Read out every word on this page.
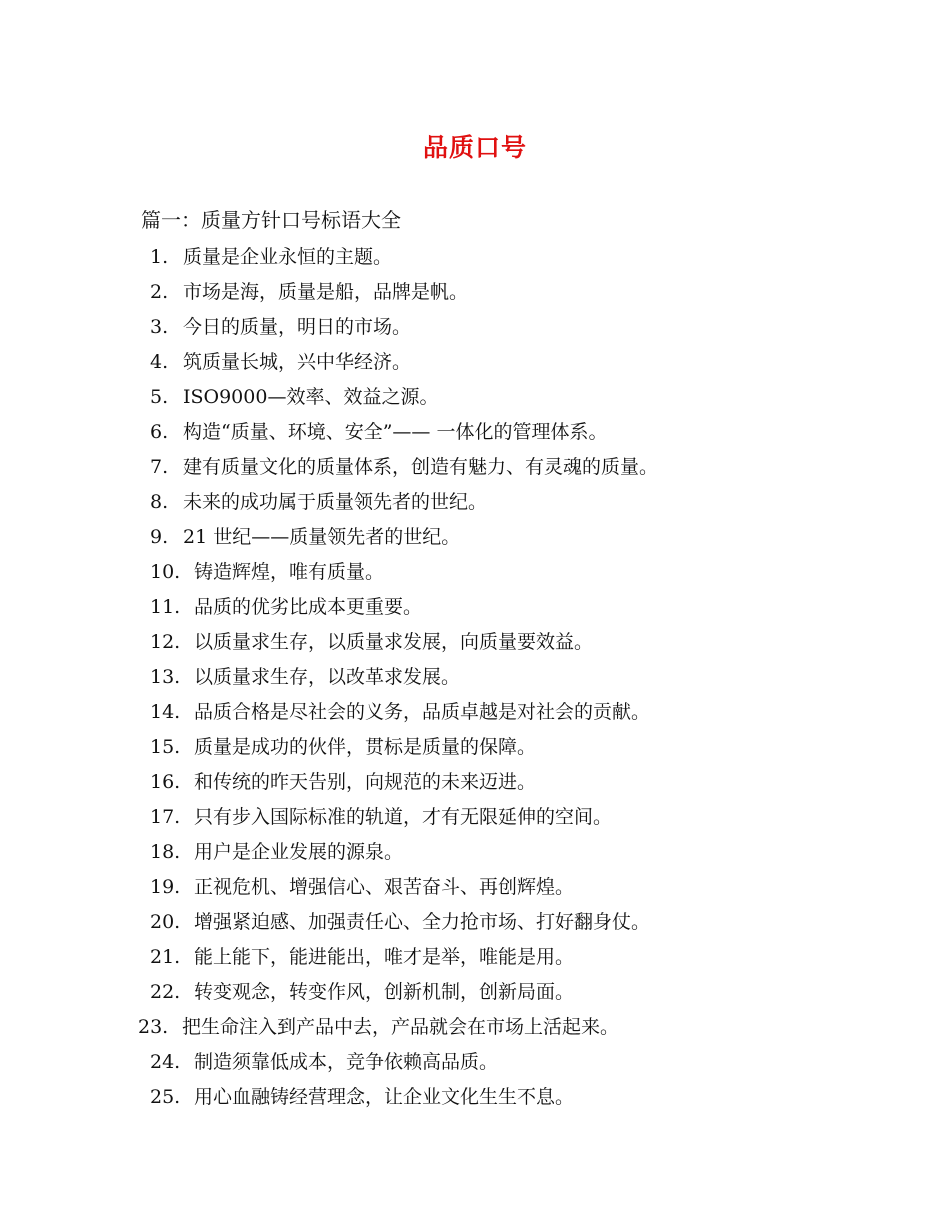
品质口号
篇一：质量方针口号标语大全
1. 质量是企业永恒的主题。
2. 市场是海，质量是船，品牌是帆。
3. 今日的质量，明日的市场。
4. 筑质量长城，兴中华经济。
5. ISO9000—效率、效益之源。
6. 构造“质量、环境、安全”—— 一体化的管理体系。
7. 建有质量文化的质量体系，创造有魅力、有灵魂的质量。
8. 未来的成功属于质量领先者的世纪。
9. 21 世纪——质量领先者的世纪。
10. 铸造辉煌，唯有质量。
11. 品质的优劣比成本更重要。
12. 以质量求生存，以质量求发展，向质量要效益。
13. 以质量求生存，以改革求发展。
14. 品质合格是尽社会的义务，品质卓越是对社会的贡献。
15. 质量是成功的伙伴，贯标是质量的保障。
16. 和传统的昨天告别，向规范的未来迈进。
17. 只有步入国际标准的轨道，才有无限延伸的空间。
18. 用户是企业发展的源泉。
19. 正视危机、增强信心、艰苦奋斗、再创辉煌。
20. 增强紧迫感、加强责任心、全力抢市场、打好翻身仗。
21. 能上能下，能进能出，唯才是举，唯能是用。
22. 转变观念，转变作风，创新机制，创新局面。
23. 把生命注入到产品中去，产品就会在市场上活起来。
24. 制造须靠低成本，竞争依赖高品质。
25. 用心血融铸经营理念，让企业文化生生不息。
